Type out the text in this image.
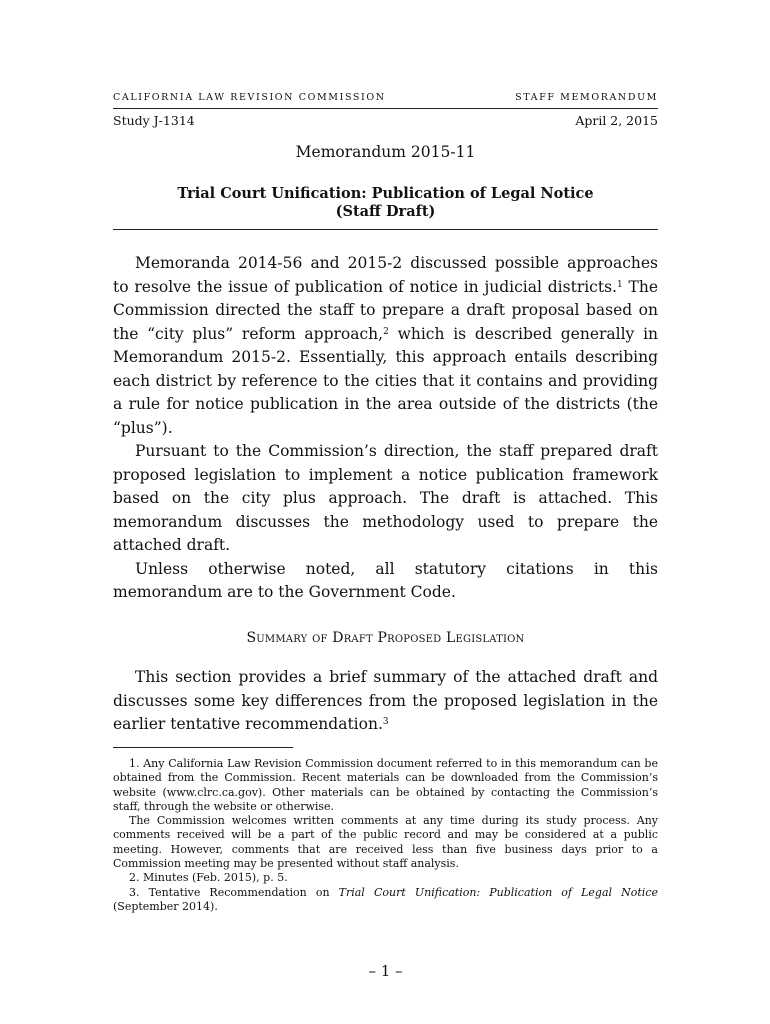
CALIFORNIA LAW REVISION COMMISSION	STAFF MEMORANDUM
Study J-1314	April 2, 2015
Memorandum 2015-11
Trial Court Unification: Publication of Legal Notice
(Staff Draft)

Memoranda 2014-56 and 2015-2 discussed possible approaches to resolve the issue of publication of notice in judicial districts.$^1$ The Commission directed the staff to prepare a draft proposal based on the “city plus” reform approach,$^2$ which is described generally in Memorandum 2015-2. Essentially, this approach entails describing each district by reference to the cities that it contains and providing a rule for notice publication in the area outside of the districts (the “plus”).

Pursuant to the Commission’s direction, the staff prepared draft proposed legislation to implement a notice publication framework based on the city plus approach. The draft is attached. This memorandum discusses the methodology used to prepare the attached draft.

Unless otherwise noted, all statutory citations in this memorandum are to the Government Code.

Summary of Draft Proposed Legislation

This section provides a brief summary of the attached draft and discusses some key differences from the proposed legislation in the earlier tentative recommendation.$^3$

1. Any California Law Revision Commission document referred to in this memorandum can be obtained from the Commission. Recent materials can be downloaded from the Commission’s website (www.clrc.ca.gov). Other materials can be obtained by contacting the Commission’s staff, through the website or otherwise.

The Commission welcomes written comments at any time during its study process. Any comments received will be a part of the public record and may be considered at a public meeting. However, comments that are received less than five business days prior to a Commission meeting may be presented without staff analysis.

2. Minutes (Feb. 2015), p. 5.

3. Tentative Recommendation on Trial Court Unification: Publication of Legal Notice (September 2014).

– 1 –
